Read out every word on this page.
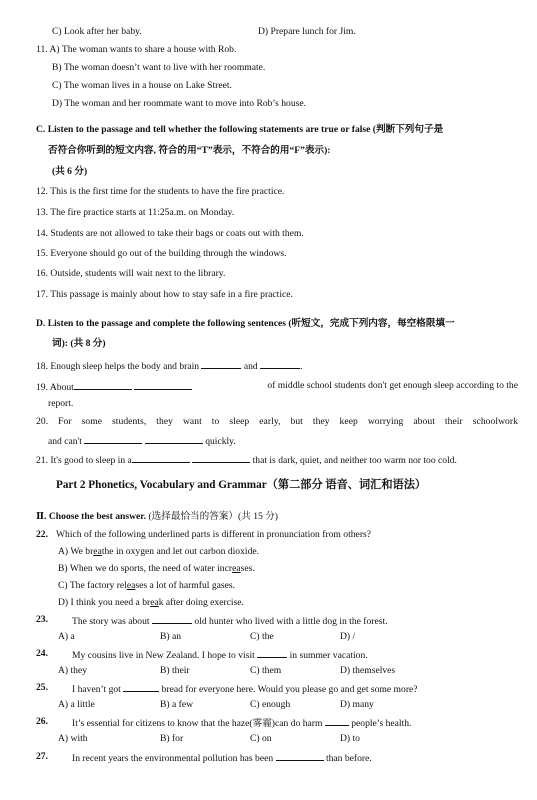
C) Look after her baby.	D) Prepare lunch for Jim.
11. A) The woman wants to share a house with Rob.
B) The woman doesn’t want to live with her roommate.
C) The woman lives in a house on Lake Street.
D) The woman and her roommate want to move into Rob’s house.
C. Listen to the passage and tell whether the following statements are true or false (判断下列句子是
否符合你听到的短文内容, 符合的用“T”表示，不符合的用“F”表示):
(共 6 分)
12. This is the first time for the students to have the fire practice.
13. The fire practice starts at 11:25a.m. on Monday.
14. Students are not allowed to take their bags or coats out with them.
15. Everyone should go out of the building through the windows.
16. Outside, students will wait next to the library.
17. This passage is mainly about how to stay safe in a fire practice.
D. Listen to the passage and complete the following sentences (听短文，完成下列内容，每空格限填一
词): (共 8 分)
18. Enough sleep helps the body and brain	and	.
19. About	of middle school students don't get enough sleep according to the
report.
20. For some students, they want to sleep early, but they keep worrying about their schoolwork
and can't	quickly.
21. It's good to sleep in a	that is dark, quiet, and neither too warm nor too cold.
Part 2 Phonetics, Vocabulary and Grammar（第二部分 语音、词汇和语法）
Ⅱ. Choose the best answer. (选择最恰当的答案）(共 15 分)
22. Which of the following underlined parts is different in pronunciation from others?
A) We breathe in oxygen and let out carbon dioxide.
B) When we do sports, the need of water increases.
C) The factory releases a lot of harmful gases.
D) I think you need a break after doing exercise.
23.	The story was about	old hunter who lived with a little dog in the forest.
A) a	B) an	C) the	D) /
24.	My cousins live in New Zealand. I hope to visit	in summer vacation.
A) they	B) their	C) them	D) themselves
25.	I haven’t got	bread for everyone here. Would you please go and get some more?
A) a little	B) a few	C) enough	D) many
26.	It’s essential for citizens to know that the haze(雾霾)can do harm	people’s health.
A) with	B) for	C) on	D) to
27.	In recent years the environmental pollution has been	than before.
